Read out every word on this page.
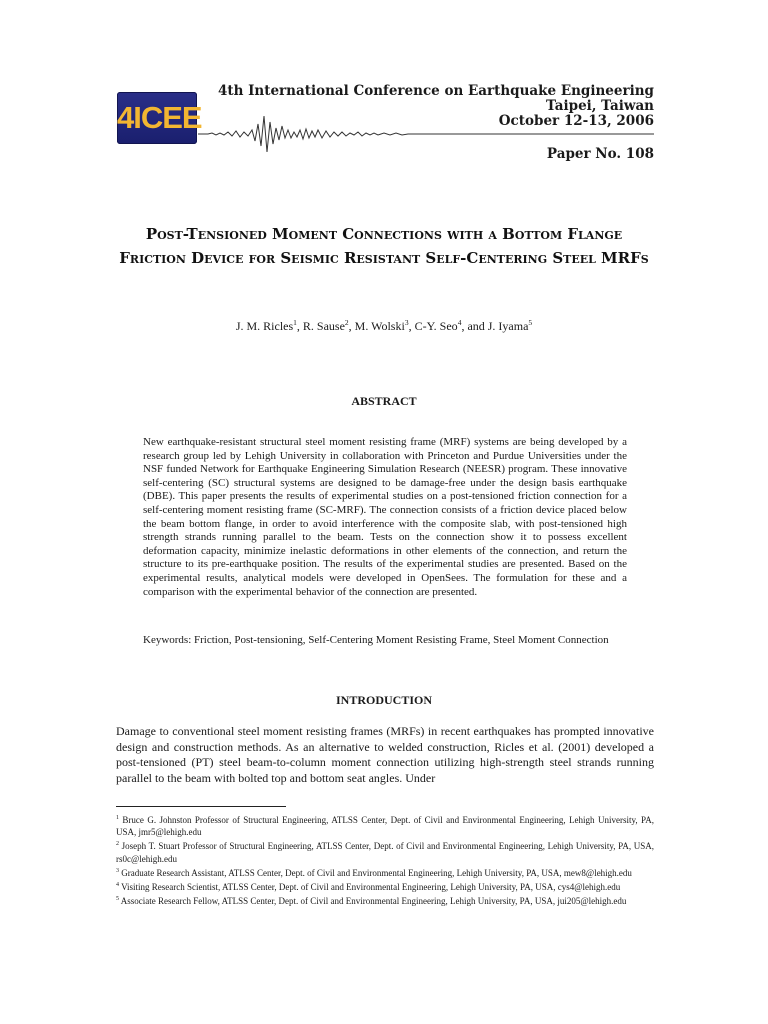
4ICEE
4th International Conference on Earthquake Engineering
Taipei, Taiwan
October 12-13, 2006
Paper No. 108
Post-Tensioned Moment Connections with a Bottom Flange Friction Device for Seismic Resistant Self-Centering Steel MRFs
J. M. Ricles$^1$, R. Sause$^2$, M. Wolski$^3$, C-Y. Seo$^4$, and J. Iyama$^5$
ABSTRACT

New earthquake-resistant structural steel moment resisting frame (MRF) systems are being developed by a research group led by Lehigh University in collaboration with Princeton and Purdue Universities under the NSF funded Network for Earthquake Engineering Simulation Research (NEESR) program. These innovative self-centering (SC) structural systems are designed to be damage-free under the design basis earthquake (DBE). This paper presents the results of experimental studies on a post-tensioned friction connection for a self-centering moment resisting frame (SC-MRF). The connection consists of a friction device placed below the beam bottom flange, in order to avoid interference with the composite slab, with post-tensioned high strength strands running parallel to the beam. Tests on the connection show it to possess excellent deformation capacity, minimize inelastic deformations in other elements of the connection, and return the structure to its pre-earthquake position. The results of the experimental studies are presented. Based on the experimental results, analytical models were developed in OpenSees. The formulation for these and a comparison with the experimental behavior of the connection are presented.

Keywords: Friction, Post-tensioning, Self-Centering Moment Resisting Frame, Steel Moment Connection

INTRODUCTION

Damage to conventional steel moment resisting frames (MRFs) in recent earthquakes has prompted innovative design and construction methods. As an alternative to welded construction, Ricles et al. (2001) developed a post-tensioned (PT) steel beam-to-column moment connection utilizing high-strength steel strands running parallel to the beam with bolted top and bottom seat angles. Under

$^1$ Bruce G. Johnston Professor of Structural Engineering, ATLSS Center, Dept. of Civil and Environmental Engineering, Lehigh University, PA, USA, jmr5@lehigh.edu

$^2$ Joseph T. Stuart Professor of Structural Engineering, ATLSS Center, Dept. of Civil and Environmental Engineering, Lehigh University, PA, USA, rs0c@lehigh.edu

$^3$ Graduate Research Assistant, ATLSS Center, Dept. of Civil and Environmental Engineering, Lehigh University, PA, USA, mew8@lehigh.edu

$^4$ Visiting Research Scientist, ATLSS Center, Dept. of Civil and Environmental Engineering, Lehigh University, PA, USA, cys4@lehigh.edu

$^5$ Associate Research Fellow, ATLSS Center, Dept. of Civil and Environmental Engineering, Lehigh University, PA, USA, jui205@lehigh.edu
